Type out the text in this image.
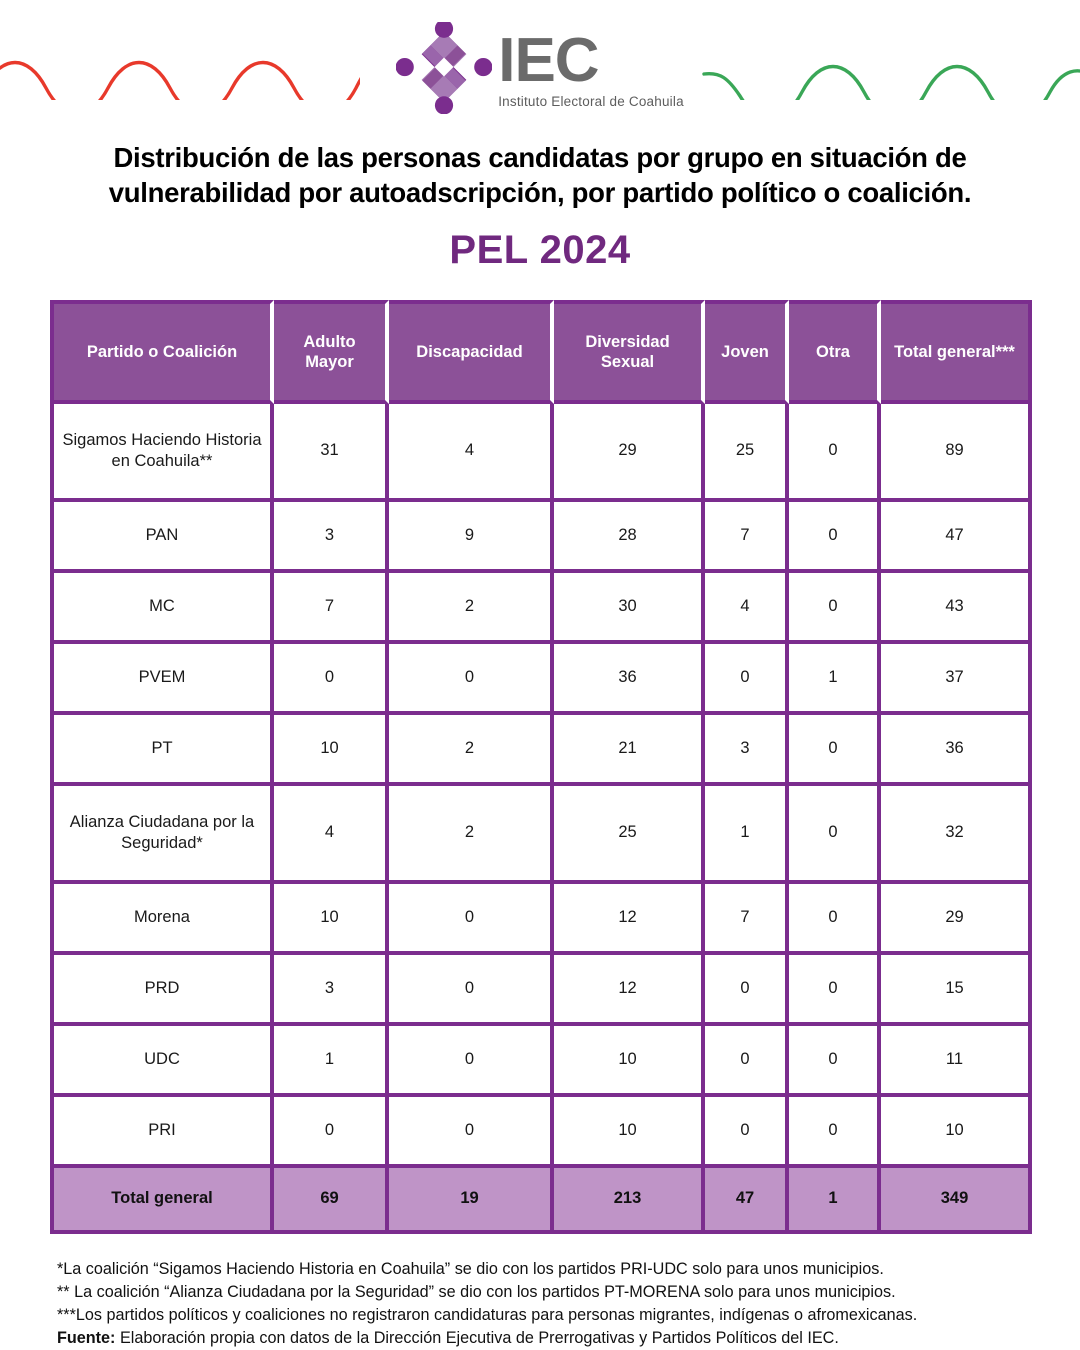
IEC
Instituto Electoral de Coahuila
Distribución de las personas candidatas por grupo en situación de vulnerabilidad por autoadscripción, por partido político o coalición.
PEL 2024
Partido o Coalición	Adulto Mayor	Discapacidad	Diversidad Sexual	Joven	Otra	Total general***
Sigamos Haciendo Historia en Coahuila**	31	4	29	25	0	89
PAN	3	9	28	7	0	47
MC	7	2	30	4	0	43
PVEM	0	0	36	0	1	37
PT	10	2	21	3	0	36
Alianza Ciudadana por la Seguridad*	4	2	25	1	0	32
Morena	10	0	12	7	0	29
PRD	3	0	12	0	0	15
UDC	1	0	10	0	0	11
PRI	0	0	10	0	0	10
Total general	69	19	213	47	1	349
*La coalición “Sigamos Haciendo Historia en Coahuila” se dio con los partidos PRI-UDC solo para unos municipios.
** La coalición “Alianza Ciudadana por la Seguridad” se dio con los partidos PT-MORENA solo para unos municipios.
***Los partidos políticos y coaliciones no registraron candidaturas para personas migrantes, indígenas o afromexicanas.
Fuente: Elaboración propia con datos de la Dirección Ejecutiva de Prerrogativas y Partidos Políticos del IEC.
